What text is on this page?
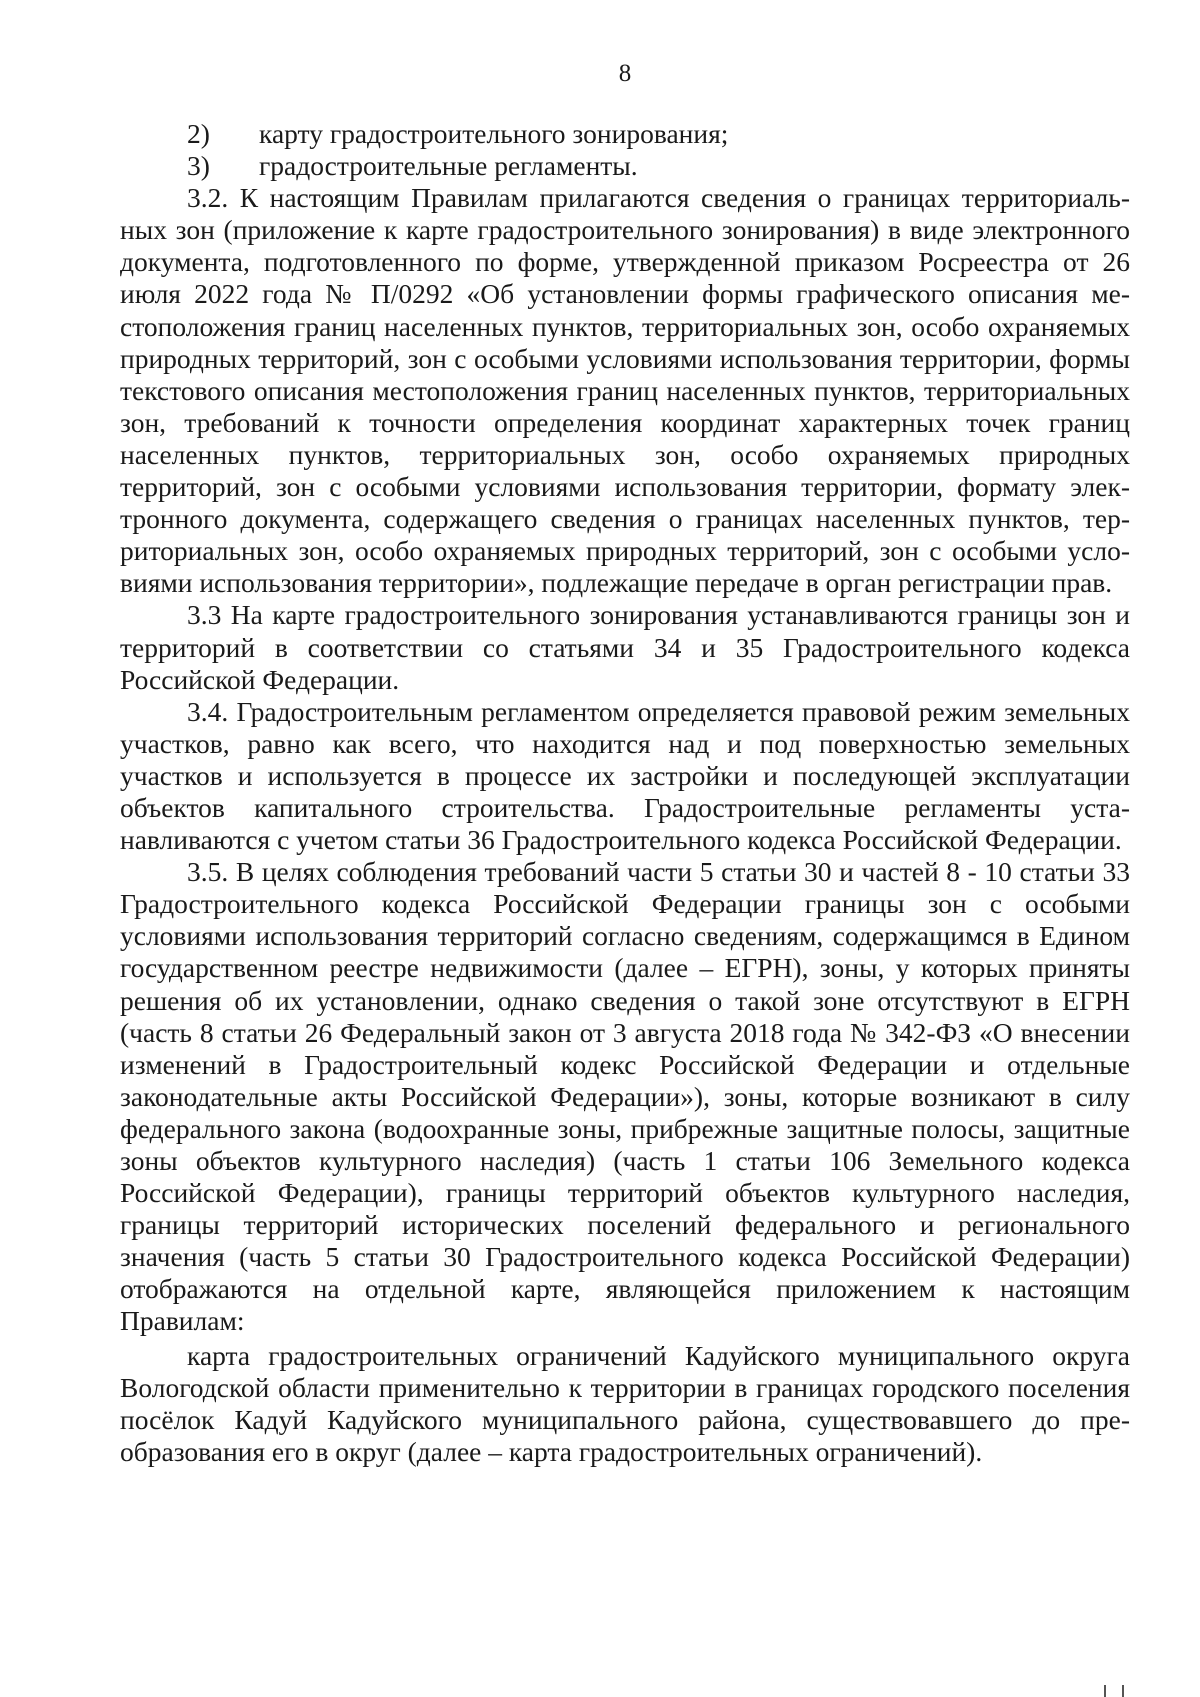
8

2)	карту градостроительного зонирования;

3)	градостроительные регламенты.

3.2. К настоящим Правилам прилагаются сведения о границах территориальных зон (приложение к карте градостроительного зонирования) в виде электронного документа, подготовленного по форме, утвержденной приказом Росреестра от 26 июля 2022 года № П/0292 «Об установлении формы графического описания местоположения границ населенных пунктов, территориальных зон, особо охраняемых природных территорий, зон с особыми условиями использования территории, формы текстового описания местоположения границ населенных пунктов, территориальных зон, требований к точности определения координат характерных точек границ населенных пунктов, территориальных зон, особо охраняемых природных территорий, зон с особыми условиями использования территории, формату электронного документа, содержащего сведения о границах населенных пунктов, территориальных зон, особо охраняемых природных территорий, зон с особыми условиями использования территории», подлежащие передаче в орган регистрации прав.

3.3 На карте градостроительного зонирования устанавливаются границы зон и территорий в соответствии со статьями 34 и 35 Градостроительного кодекса Российской Федерации.

3.4. Градостроительным регламентом определяется правовой режим земельных участков, равно как всего, что находится над и под поверхностью земельных участков и используется в процессе их застройки и последующей эксплуатации объектов капитального строительства. Градостроительные регламенты устанавливаются с учетом статьи 36 Градостроительного кодекса Российской Федерации.

3.5. В целях соблюдения требований части 5 статьи 30 и частей 8 - 10 статьи 33 Градостроительного кодекса Российской Федерации границы зон с особыми условиями использования территорий согласно сведениям, содержащимся в Едином государственном реестре недвижимости (далее – ЕГРН), зоны, у которых приняты решения об их установлении, однако сведения о такой зоне отсутствуют в ЕГРН (часть 8 статьи 26 Федеральный закон от 3 августа 2018 года № 342-ФЗ «О внесении изменений в Градостроительный кодекс Российской Федерации и отдельные законодательные акты Российской Федерации»), зоны, которые возникают в силу федерального закона (водоохранные зоны, прибрежные защитные полосы, защитные зоны объектов культурного наследия) (часть 1 статьи 106 Земельного кодекса Российской Федерации), границы территорий объектов культурного наследия, границы территорий исторических поселений федерального и регионального значения (часть 5 статьи 30 Градостроительного кодекса Российской Федерации) отображаются на отдельной карте, являющейся приложением к настоящим Правилам:

карта градостроительных ограничений Кадуйского муниципального округа Вологодской области применительно к территории в границах городского поселения посёлок Кадуй Кадуйского муниципального района, существовавшего до преобразования его в округ (далее – карта градостроительных ограничений).
